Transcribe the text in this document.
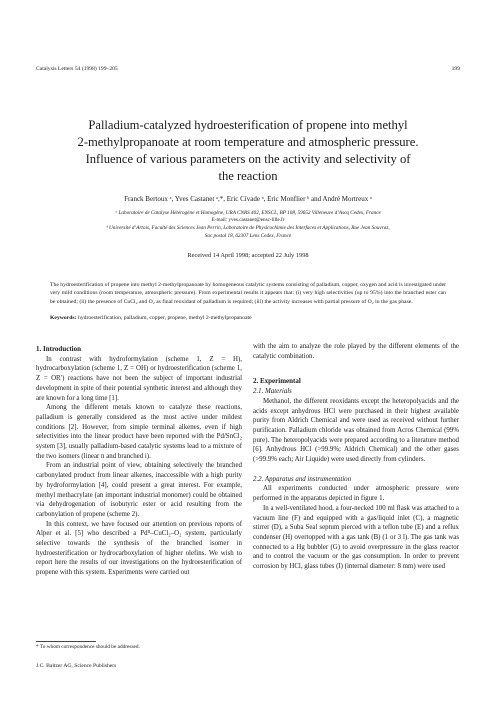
Catalysis Letters 54 (1998) 199–205	199
Palladium-catalyzed hydroesterification of propene into methyl
2-methylpropanoate at room temperature and atmospheric pressure.
Influence of various parameters on the activity and selectivity of
the reaction
Franck Bertoux ᵃ, Yves Castanet ᵃ,*, Eric Cívade ᵃ, Eric Monflier ᵇ and André Mortreux ᵃ
ᵃ Laboratoire de Catalyse Hétérogène et Homogène, URA CNRS 402, ENSCL, BP 108, 59652 Villeneuve d’Ascq Cedex, France
E-mail: yves.castanet@ensc-lille.fr
ᵇ Université d’Artois, Faculté des Sciences Jean Perrin, Laboratoire de Physicochimie des Interfaces et Applications, Rue Jean Souvraz,
Sac postal 18, 62307 Lens Cedex, France
Received 14 April 1998; accepted 22 July 1998
The hydroesterification of propene into methyl 2-methylpropanoate by homogeneous catalytic systems consisting of palladium, copper, oxygen and acid is investigated under very mild conditions (room temperature, atmospheric pressure). From experimental results it appears that: (i) very high selectivities (up to 95%) into the branched ester can be obtained; (ii) the presence of CuCl₂ and O₂ as final reoxidant of palladium is required; (iii) the activity increases with partial pressure of O₂ in the gas phase.
Keywords: hydroesterification, palladium, copper, propene, methyl 2-methylpropanoate

1. Introduction

In contrast with hydroformylation (scheme 1, Z = H), hydrocarboxylation (scheme 1, Z = OH) or hydroesterification (scheme 1, Z = OR′) reactions have not been the subject of important industrial development in spite of their potential synthetic interest and although they are known for a long time [1].

Among the different metals known to catalyze these reactions, palladium is generally considered as the most active under mildest conditions [2]. However, from simple terminal alkenes, even if high selectivities into the linear product have been reported with the Pd/SnCl₂ system [3], usually palladium-based catalytic systems lead to a mixture of the two isomers (linear n and branched i).

From an industrial point of view, obtaining selectively the branched carbonylated product from linear alkenes, inaccessible with a high purity by hydroformylation [4], could present a great interest. For example, methyl methacrylate (an important industrial monomer) could be obtained via dehydrogenation of isobutyric ester or acid resulting from the carbonylation of propene (scheme 2).

In this context, we have focused our attention on previous reports of Alper et al. [5] who described a Pdᴵᴵ–CuCl₂–O₂ system, particularly selective towards the synthesis of the branched isomer in hydroesterification or hydrocarboxylation of higher olefins. We wish to report here the results of our investigations on the hydroesterification of propene with this system. Experiments were carried out

with the aim to analyze the role played by the different elements of the catalytic combination.

2. Experimental

2.1. Materials

Methanol, the different reoxidants except the heteropolyacids and the acids except anhydrous HCl were purchased in their highest available purity from Aldrich Chemical and were used as received without further purification. Palladium chloride was obtained from Acros Chemical (99% pure). The heteropolyacids were prepared according to a literature method [6]. Anhydrous HCl (>99.9%; Aldrich Chemical) and the other gases (>99.9% each; Air Liquide) were used directly from cylinders.

2.2. Apparatus and instrumentation

All experiments conducted under atmospheric pressure were performed in the apparatus depicted in figure 1.

In a well-ventilated hood, a four-necked 100 ml flask was attached to a vacuum line (F) and equipped with a gas/liquid inlet (C), a magnetic stirrer (D), a Suba Seal septum pierced with a teflon tube (E) and a reflux condenser (H) overtopped with a gas tank (B) (1 or 3 l). The gas tank was connected to a Hg bubbler (G) to avoid overpressure in the glass reactor and to control the vacuum or the gas consumption. In order to prevent corrosion by HCl, glass tubes (I) (internal diameter: 8 mm) were used

* To whom correspondence should be addressed.
J.C. Baltzer AG, Science Publishers
